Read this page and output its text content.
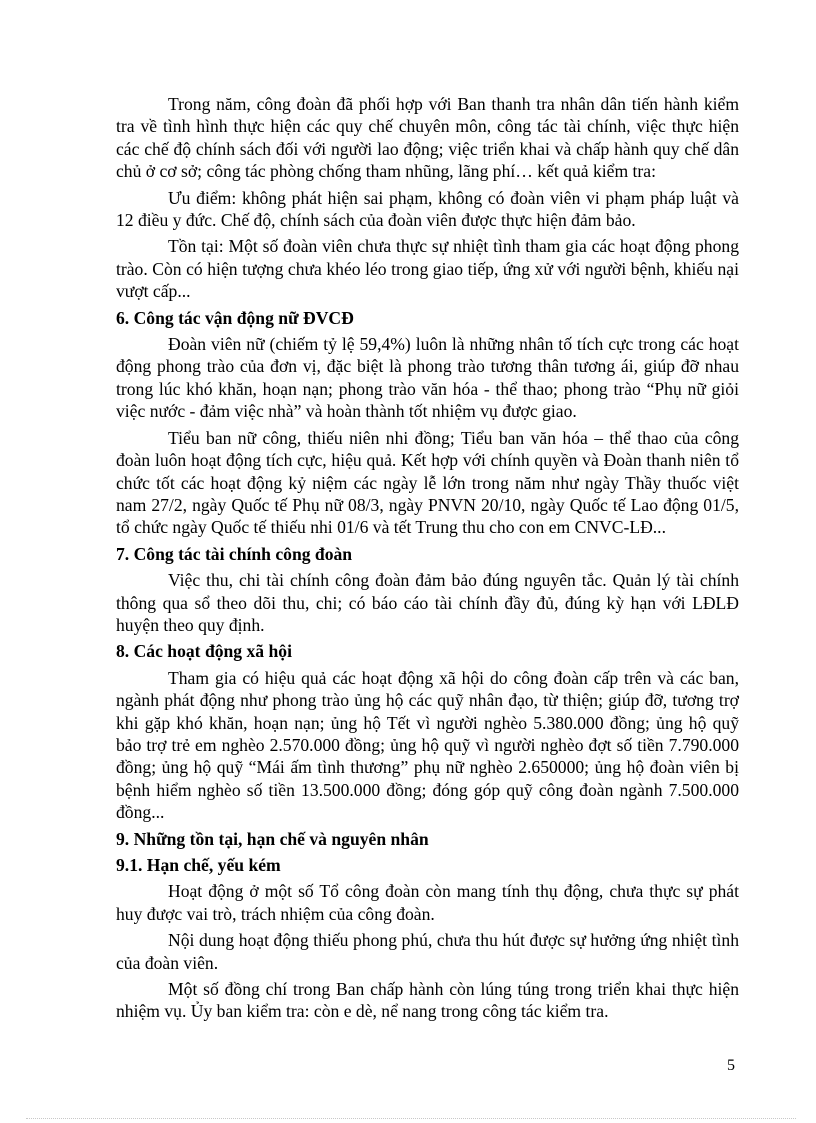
Trong năm, công đoàn đã phối hợp với Ban thanh tra nhân dân tiến hành kiểm tra về tình hình thực hiện các quy chế chuyên môn, công tác tài chính, việc thực hiện các chế độ chính sách đối với người lao động; việc triển khai và chấp hành quy chế dân chủ ở cơ sở; công tác phòng chống tham nhũng, lãng phí… kết quả kiểm tra:

Ưu điểm: không phát hiện sai phạm, không có đoàn viên vi phạm pháp luật và 12 điều y đức. Chế độ, chính sách của đoàn viên được thực hiện đảm bảo.

Tồn tại: Một số đoàn viên chưa thực sự nhiệt tình tham gia các hoạt động phong trào. Còn có hiện tượng chưa khéo léo trong giao tiếp, ứng xử với người bệnh, khiếu nại vượt cấp...

6. Công tác vận động nữ ĐVCĐ

Đoàn viên nữ (chiếm tỷ lệ 59,4%) luôn là những nhân tố tích cực trong các hoạt động phong trào của đơn vị, đặc biệt là phong trào tương thân tương ái, giúp đỡ nhau trong lúc khó khăn, hoạn nạn; phong trào văn hóa - thể thao; phong trào “Phụ nữ giỏi việc nước - đảm việc nhà” và hoàn thành tốt nhiệm vụ được giao.

Tiểu ban nữ công, thiếu niên nhi đồng; Tiểu ban văn hóa – thể thao của công đoàn luôn hoạt động tích cực, hiệu quả. Kết hợp với chính quyền và Đoàn thanh niên tổ chức tốt các hoạt động kỷ niệm các ngày lễ lớn trong năm như ngày Thầy thuốc việt nam 27/2, ngày Quốc tế Phụ nữ 08/3, ngày PNVN 20/10, ngày Quốc tế Lao động 01/5, tổ chức ngày Quốc tế thiếu nhi 01/6 và tết Trung thu cho con em CNVC-LĐ...

7. Công tác tài chính công đoàn

Việc thu, chi tài chính công đoàn đảm bảo đúng nguyên tắc. Quản lý tài chính thông qua sổ theo dõi thu, chi; có báo cáo tài chính đầy đủ, đúng kỳ hạn với LĐLĐ huyện theo quy định.

8. Các hoạt động xã hội

Tham gia có hiệu quả các hoạt động xã hội do công đoàn cấp trên và các ban, ngành phát động như phong trào ủng hộ các quỹ nhân đạo, từ thiện; giúp đỡ, tương trợ khi gặp khó khăn, hoạn nạn; ủng hộ Tết vì người nghèo 5.380.000 đồng; ủng hộ quỹ bảo trợ trẻ em nghèo 2.570.000 đồng; ủng hộ quỹ vì người nghèo đợt số tiền 7.790.000 đồng; ủng hộ quỹ “Mái ấm tình thương” phụ nữ nghèo 2.650000; ủng hộ đoàn viên bị bệnh hiểm nghèo số tiền 13.500.000 đồng; đóng góp quỹ công đoàn ngành 7.500.000 đồng...

9. Những tồn tại, hạn chế và nguyên nhân

9.1. Hạn chế, yếu kém

Hoạt động ở một số Tổ công đoàn còn mang tính thụ động, chưa thực sự phát huy được vai trò, trách nhiệm của công đoàn.

Nội dung hoạt động thiếu phong phú, chưa thu hút được sự hưởng ứng nhiệt tình của đoàn viên.

Một số đồng chí trong Ban chấp hành còn lúng túng trong triển khai thực hiện nhiệm vụ. Ủy ban kiểm tra: còn e dè, nể nang trong công tác kiểm tra.

5
